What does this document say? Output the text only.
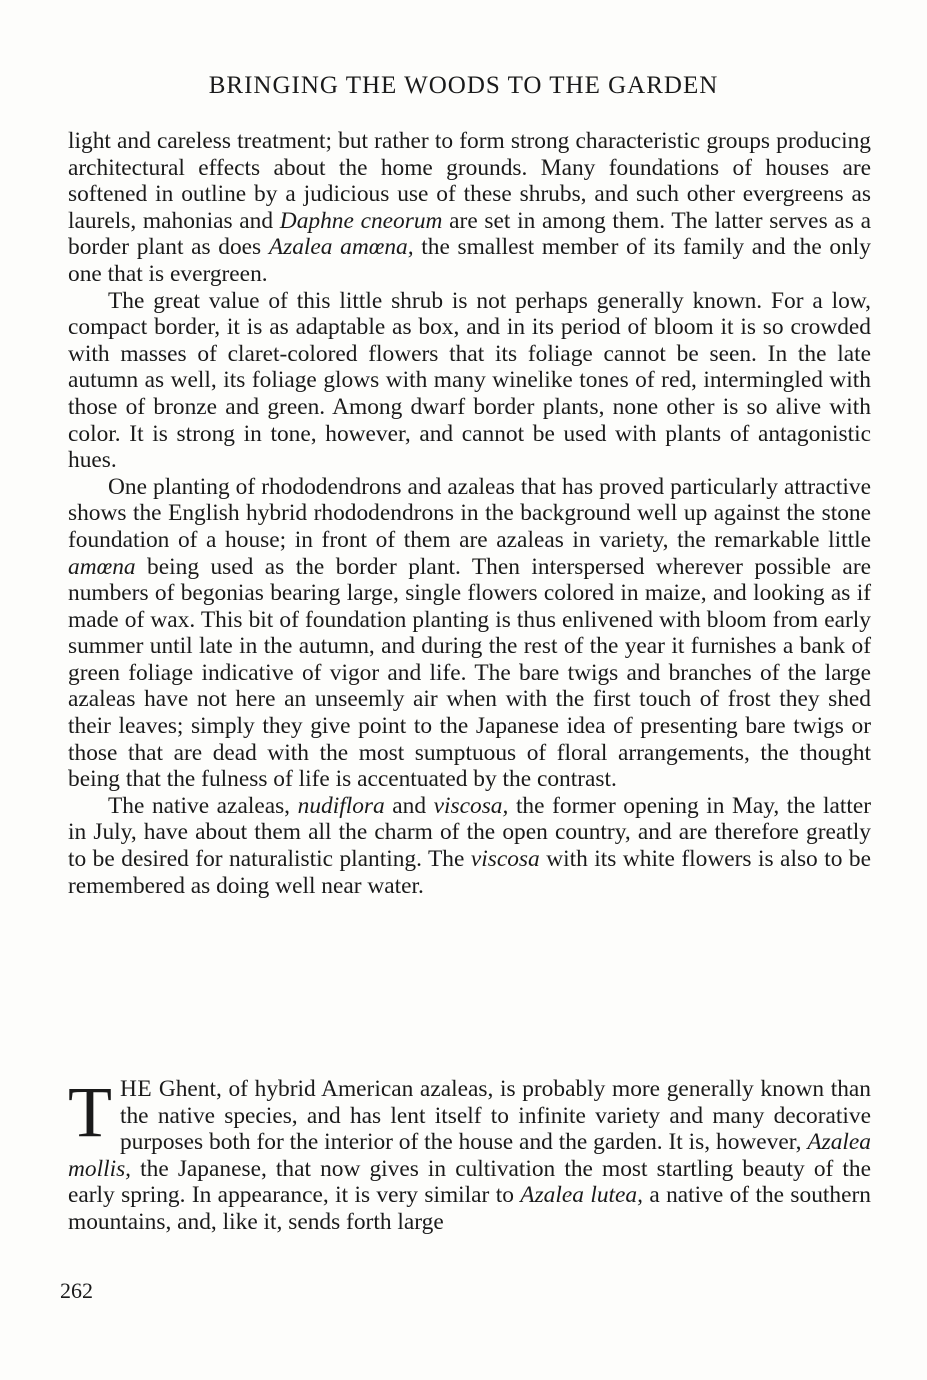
BRINGING THE WOODS TO THE GARDEN

light and careless treatment; but rather to form strong characteristic groups producing architectural effects about the home grounds. Many foundations of houses are softened in outline by a judicious use of these shrubs, and such other evergreens as laurels, mahonias and Daphne cneorum are set in among them. The latter serves as a border plant as does Azalea amœna, the smallest member of its family and the only one that is evergreen.

The great value of this little shrub is not perhaps generally known. For a low, compact border, it is as adaptable as box, and in its period of bloom it is so crowded with masses of claret-colored flowers that its foliage cannot be seen. In the late autumn as well, its foliage glows with many winelike tones of red, intermingled with those of bronze and green. Among dwarf border plants, none other is so alive with color. It is strong in tone, however, and cannot be used with plants of antagonistic hues.

One planting of rhododendrons and azaleas that has proved particularly attractive shows the English hybrid rhododendrons in the background well up against the stone foundation of a house; in front of them are azaleas in variety, the remarkable little amœna being used as the border plant. Then interspersed wherever possible are numbers of begonias bearing large, single flowers colored in maize, and looking as if made of wax. This bit of foundation planting is thus enlivened with bloom from early summer until late in the autumn, and during the rest of the year it furnishes a bank of green foliage indicative of vigor and life. The bare twigs and branches of the large azaleas have not here an unseemly air when with the first touch of frost they shed their leaves; simply they give point to the Japanese idea of presenting bare twigs or those that are dead with the most sumptuous of floral arrangements, the thought being that the fulness of life is accentuated by the contrast.

The native azaleas, nudiflora and viscosa, the former opening in May, the latter in July, have about them all the charm of the open country, and are therefore greatly to be desired for naturalistic planting. The viscosa with its white flowers is also to be remembered as doing well near water.

THE Ghent, of hybrid American azaleas, is probably more generally known than the native species, and has lent itself to infinite variety and many decorative purposes both for the interior of the house and the garden. It is, however, Azalea mollis, the Japanese, that now gives in cultivation the most startling beauty of the early spring. In appearance, it is very similar to Azalea lutea, a native of the southern mountains, and, like it, sends forth large

262
